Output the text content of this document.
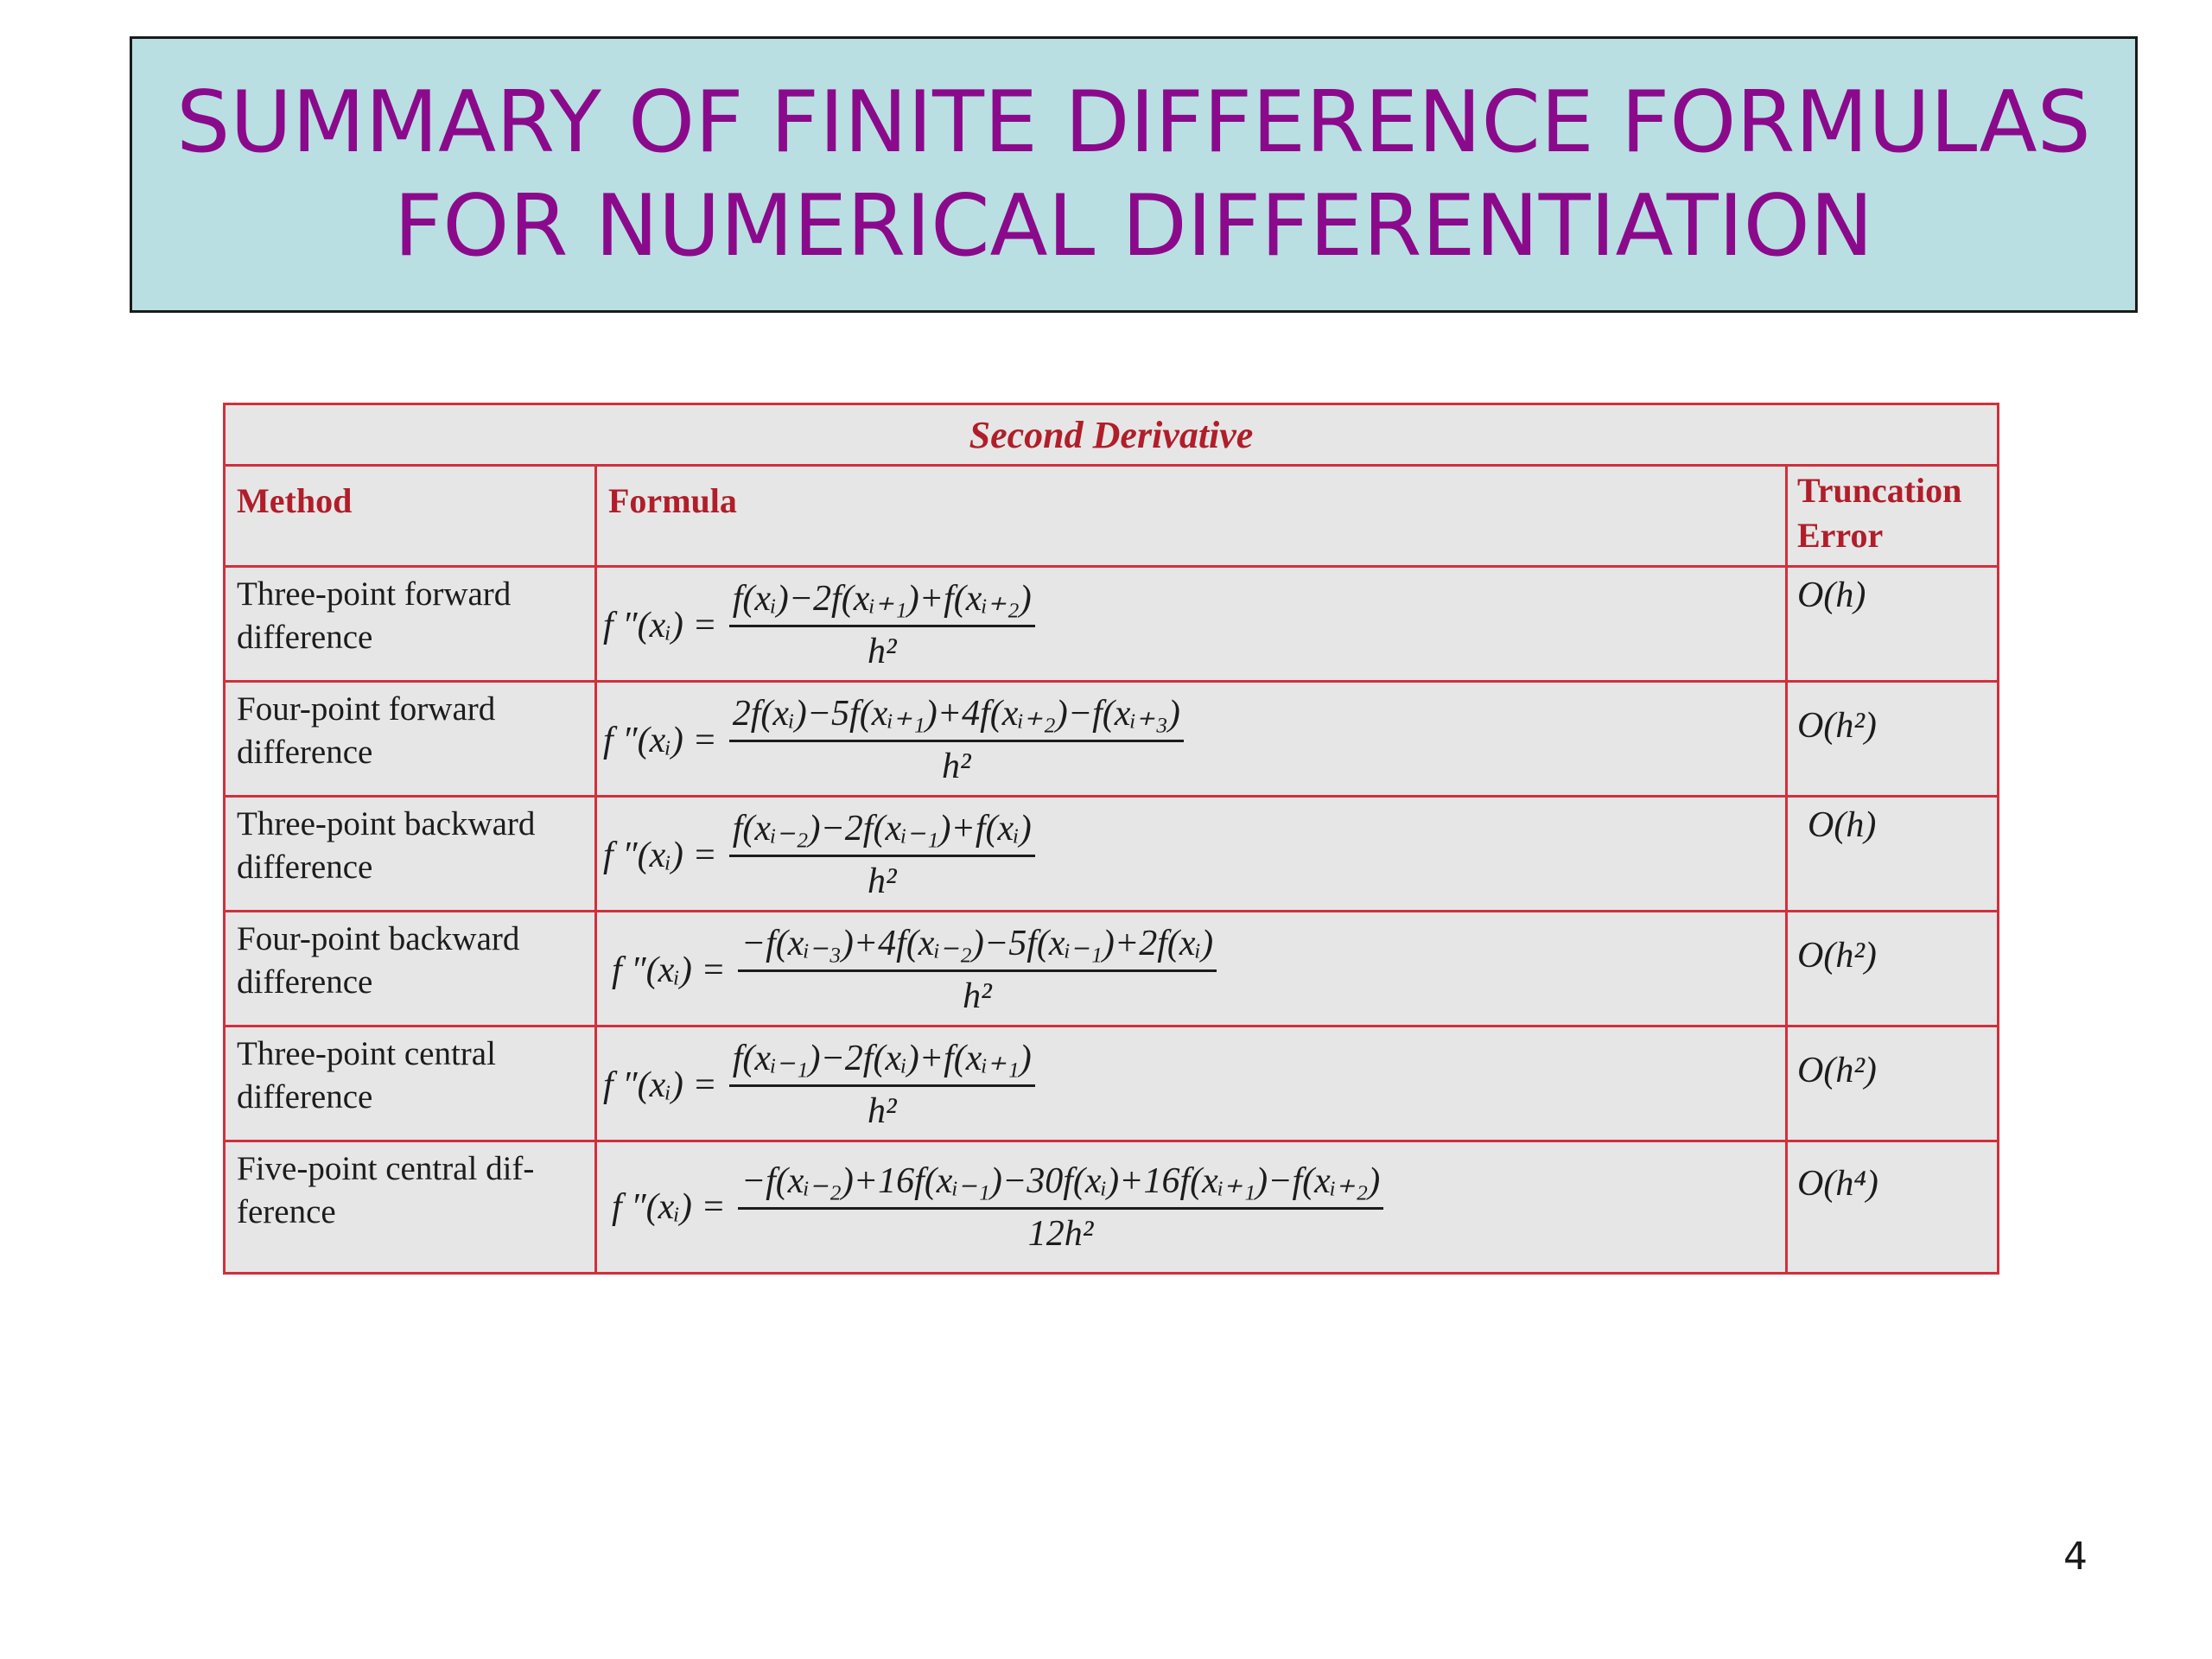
SUMMARY OF FINITE DIFFERENCE FORMULAS
FOR NUMERICAL DIFFERENTIATION
Second Derivative
Method	Formula	Truncation
Error
Three-point forward
difference	f ″(xᵢ) = $\frac{\text{f(xᵢ)−2f(xᵢ₊₁)+f(xᵢ₊₂)}}{\text{h²}}$	O(h)
Four-point forward
difference	f ″(xᵢ) = $\frac{\text{2f(xᵢ)−5f(xᵢ₊₁)+4f(xᵢ₊₂)−f(xᵢ₊₃)}}{\text{h²}}$	O(h²)
Three-point backward
difference	f ″(xᵢ) = $\frac{\text{f(xᵢ₋₂)−2f(xᵢ₋₁)+f(xᵢ)}}{\text{h²}}$	O(h)
Four-point backward
difference	f ″(xᵢ) = $\frac{\text{−f(xᵢ₋₃)+4f(xᵢ₋₂)−5f(xᵢ₋₁)+2f(xᵢ)}}{\text{h²}}$	O(h²)
Three-point central
difference	f ″(xᵢ) = $\frac{\text{f(xᵢ₋₁)−2f(xᵢ)+f(xᵢ₊₁)}}{\text{h²}}$	O(h²)
Five-point central dif-
ference	f ″(xᵢ) = $\frac{\text{−f(xᵢ₋₂)+16f(xᵢ₋₁)−30f(xᵢ)+16f(xᵢ₊₁)−f(xᵢ₊₂)}}{\text{12h²}}$	O(h⁴)
4
